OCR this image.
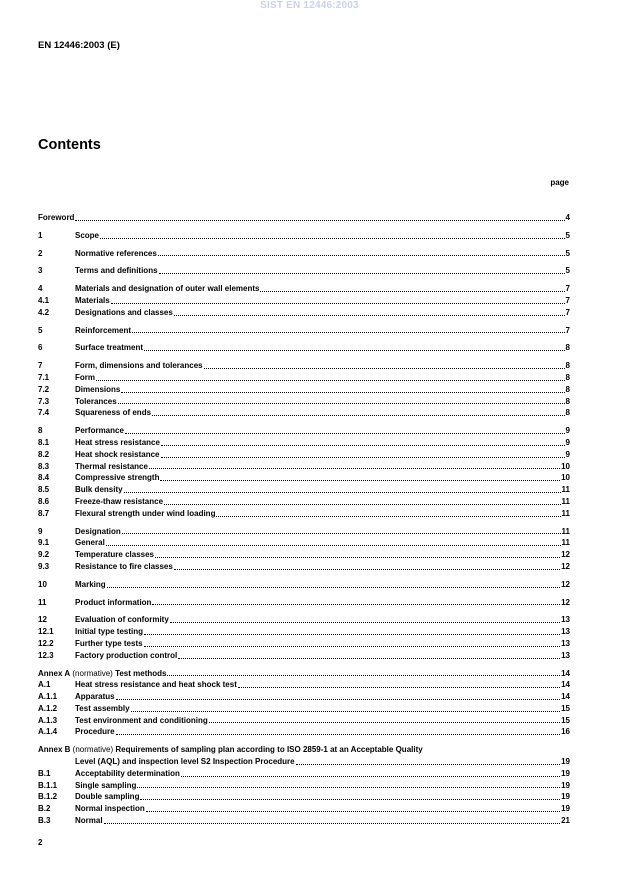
SIST EN 12446:2003
EN 12446:2003 (E)
Contents
page
Foreword	4
1	Scope	5
2	Normative references	5
3	Terms and definitions	5
4	Materials and designation of outer wall elements	7
4.1	Materials	7
4.2	Designations and classes	7
5	Reinforcement	7
6	Surface treatment	8
7	Form, dimensions and tolerances	8
7.1	Form	8
7.2	Dimensions	8
7.3	Tolerances	8
7.4	Squareness of ends	8
8	Performance	9
8.1	Heat stress resistance	9
8.2	Heat shock resistance	9
8.3	Thermal resistance	10
8.4	Compressive strength	10
8.5	Bulk density	11
8.6	Freeze-thaw resistance	11
8.7	Flexural strength under wind loading	11
9	Designation	11
9.1	General	11
9.2	Temperature classes	12
9.3	Resistance to fire classes	12
10	Marking	12
11	Product information	12
12	Evaluation of conformity	13
12.1	Initial type testing	13
12.2	Further type tests	13
12.3	Factory production control	13
Annex A (normative) Test methods	14
A.1	Heat stress resistance and heat shock test	14
A.1.1	Apparatus	14
A.1.2	Test assembly	15
A.1.3	Test environment and conditioning	15
A.1.4	Procedure	16
Annex B (normative) Requirements of sampling plan according to ISO 2859-1 at an Acceptable Quality
Level (AQL) and inspection level S2 Inspection Procedure	19
B.1	Acceptability determination	19
B.1.1	Single sampling	19
B.1.2	Double sampling	19
B.2	Normal inspection	19
B.3	Normal	21
2
